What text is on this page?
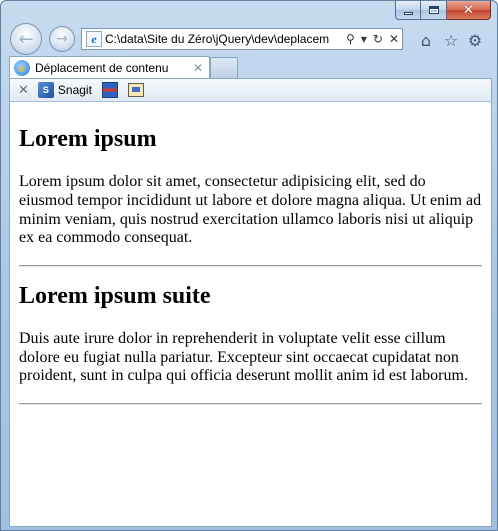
✕
← →	e C:\data\Site du Zéro\jQuery\dev\deplacem	⚲ ▾ ↻ ✕	⌂ ☆ ⚙
e Déplacement de contenu	✕
✕	S Snagit
Lorem ipsum

Lorem ipsum dolor sit amet, consectetur adipisicing elit, sed do eiusmod tempor incididunt ut labore et dolore magna aliqua. Ut enim ad minim veniam, quis nostrud exercitation ullamco laboris nisi ut aliquip ex ea commodo consequat.

Lorem ipsum suite

Duis aute irure dolor in reprehenderit in voluptate velit esse cillum dolore eu fugiat nulla pariatur. Excepteur sint occaecat cupidatat non proident, sunt in culpa qui officia deserunt mollit anim id est laborum.
